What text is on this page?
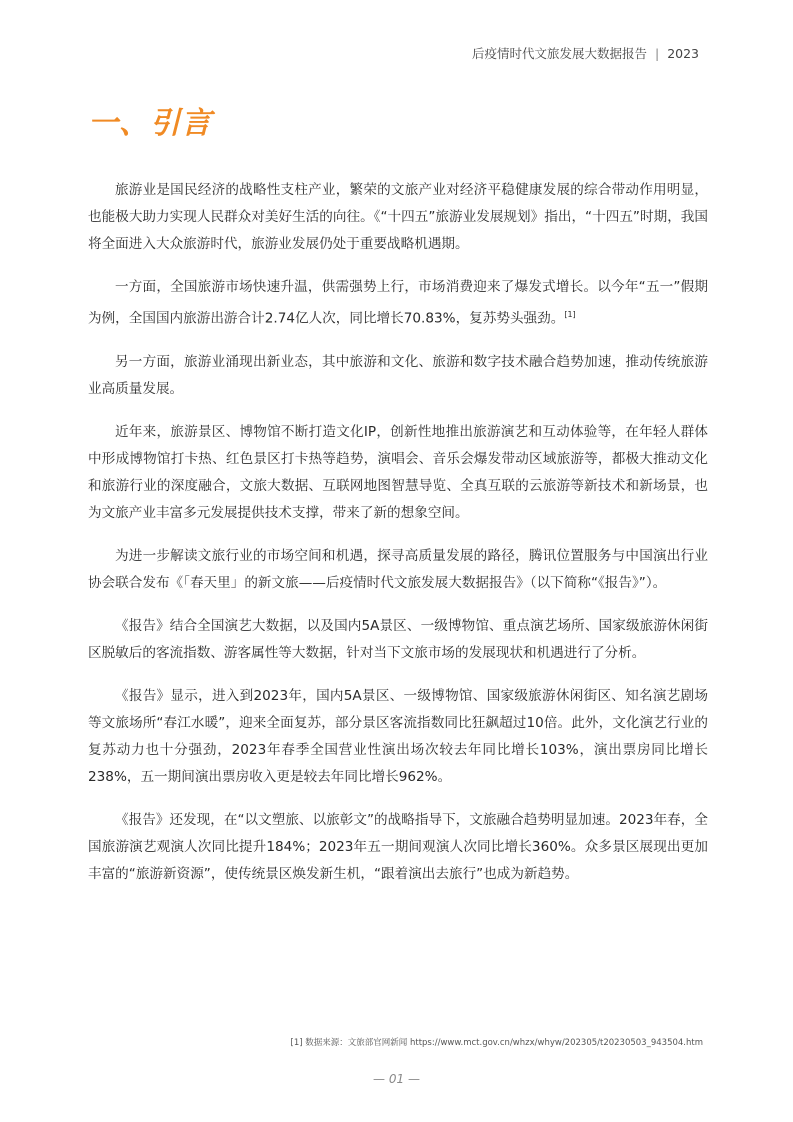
后疫情时代文旅发展大数据报告 | 2023
一、引言

旅游业是国民经济的战略性支柱产业，繁荣的文旅产业对经济平稳健康发展的综合带动作用明显，也能极大助力实现人民群众对美好生活的向往。《“十四五”旅游业发展规划》指出，“十四五”时期，我国将全面进入大众旅游时代，旅游业发展仍处于重要战略机遇期。

一方面，全国旅游市场快速升温，供需强势上行，市场消费迎来了爆发式增长。以今年“五一”假期为例，全国国内旅游出游合计2.74亿人次，同比增长70.83%，复苏势头强劲。[1]

另一方面，旅游业涌现出新业态，其中旅游和文化、旅游和数字技术融合趋势加速，推动传统旅游业高质量发展。

近年来，旅游景区、博物馆不断打造文化IP，创新性地推出旅游演艺和互动体验等，在年轻人群体中形成博物馆打卡热、红色景区打卡热等趋势，演唱会、音乐会爆发带动区域旅游等，都极大推动文化和旅游行业的深度融合，文旅大数据、互联网地图智慧导览、全真互联的云旅游等新技术和新场景，也为文旅产业丰富多元发展提供技术支撑，带来了新的想象空间。

为进一步解读文旅行业的市场空间和机遇，探寻高质量发展的路径，腾讯位置服务与中国演出行业协会联合发布《「春天里」的新文旅——后疫情时代文旅发展大数据报告》（以下简称“《报告》”）。

《报告》结合全国演艺大数据，以及国内5A景区、一级博物馆、重点演艺场所、国家级旅游休闲街区脱敏后的客流指数、游客属性等大数据，针对当下文旅市场的发展现状和机遇进行了分析。

《报告》显示，进入到2023年，国内5A景区、一级博物馆、国家级旅游休闲街区、知名演艺剧场等文旅场所“春江水暖”，迎来全面复苏，部分景区客流指数同比狂飙超过10倍。此外，文化演艺行业的复苏动力也十分强劲，2023年春季全国营业性演出场次较去年同比增长103%，演出票房同比增长238%，五一期间演出票房收入更是较去年同比增长962%。

《报告》还发现，在“以文塑旅、以旅彰文”的战略指导下，文旅融合趋势明显加速。2023年春，全国旅游演艺观演人次同比提升184%；2023年五一期间观演人次同比增长360%。众多景区展现出更加丰富的“旅游新资源”，使传统景区焕发新生机，“跟着演出去旅行”也成为新趋势。

[1] 数据来源：文旅部官网新闻 https://www.mct.gov.cn/whzx/whyw/202305/t20230503_943504.htm
— 01 —
